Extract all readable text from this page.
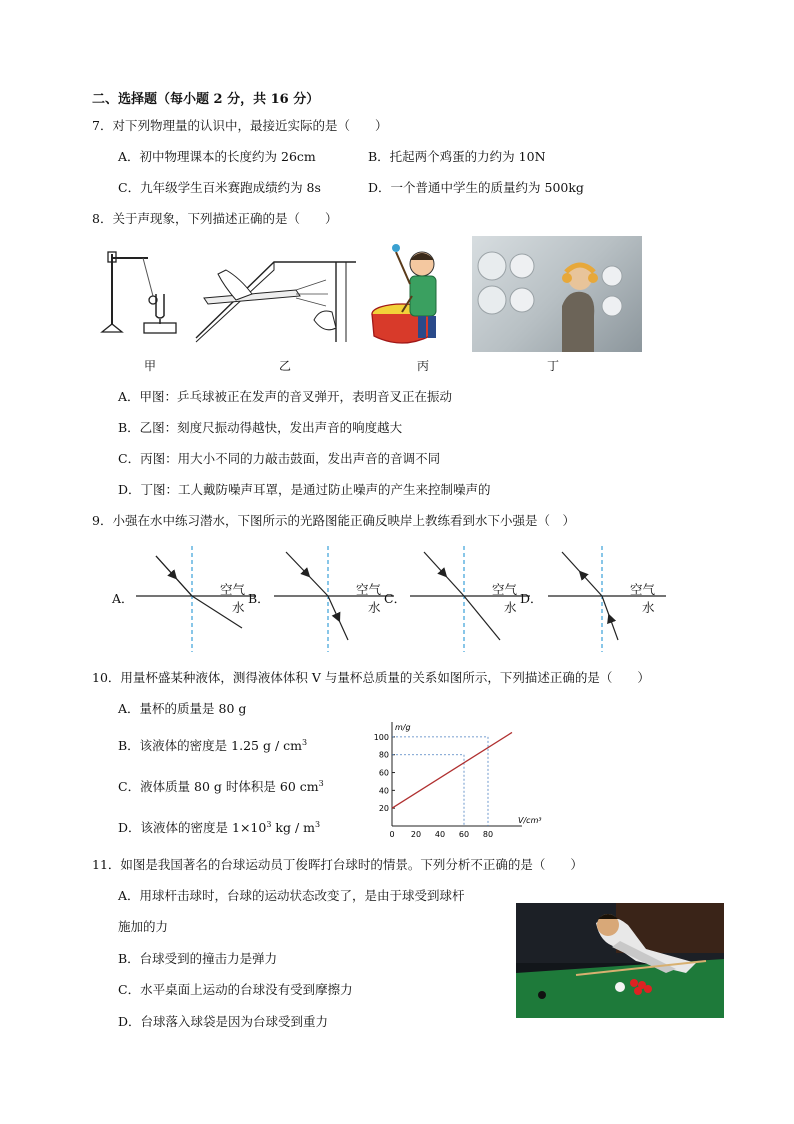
二、选择题（每小题 2 分，共 16 分）
7．对下列物理量的认识中，最接近实际的是（　　）
A．初中物理课本的长度约为 26cm	B．托起两个鸡蛋的力约为 10N
C．九年级学生百米赛跑成绩约为 8s	D．一个普通中学生的质量约为 500kg
8．关于声现象，下列描述正确的是（　　）
甲	乙	丙	丁
A．甲图：乒乓球被正在发声的音叉弹开，表明音叉正在振动
B．乙图：刻度尺振动得越快，发出声音的响度越大
C．丙图：用大小不同的力敲击鼓面，发出声音的音调不同
D．丁图：工人戴防噪声耳罩，是通过防止噪声的产生来控制噪声的
9．小强在水中练习潜水，下图所示的光路图能正确反映岸上教练看到水下小强是（　）
A．	B．	C．	D．
空气
水
空气
水
空气
水
空气
水
10．用量杯盛某种液体，测得液体体积 V 与量杯总质量的关系如图所示，下列描述正确的是（　　）
A．量杯的质量是 80 g
B．该液体的密度是 1.25 g / $cm^3$
C．液体质量 80 g 时体积是 60 $cm^3$
D．该液体的密度是 $1\times 10^3$ kg / $m^3$
m/g
V/cm³
0 20 40 60 80
20
40
60
80
100
11．如图是我国著名的台球运动员丁俊晖打台球时的情景。下列分析不正确的是（　　）
A．用球杆击球时，台球的运动状态改变了，是由于球受到球杆
施加的力
B．台球受到的撞击力是弹力
C．水平桌面上运动的台球没有受到摩擦力
D．台球落入球袋是因为台球受到重力
